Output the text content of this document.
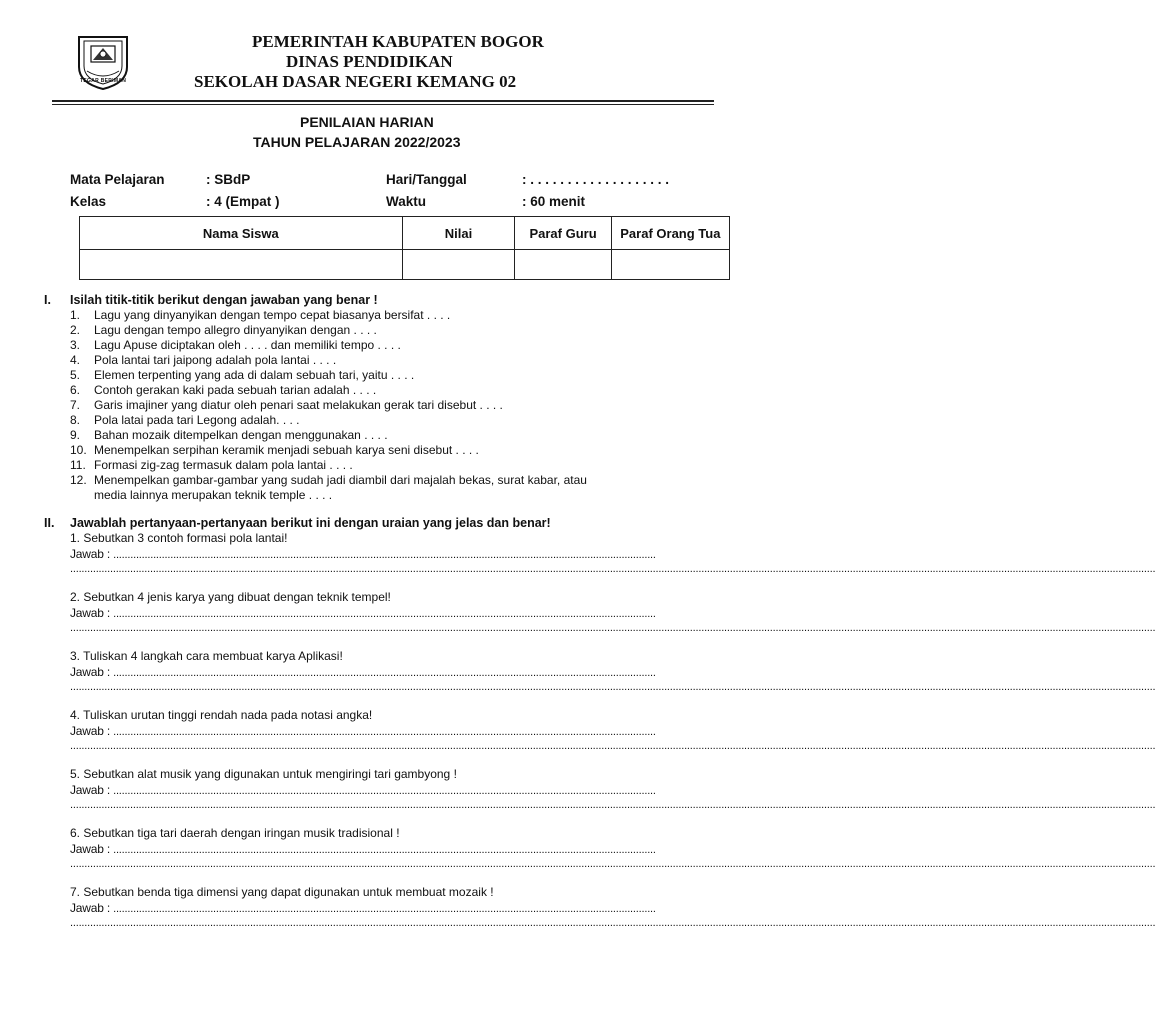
TEGAR BERIMAN
PEMERINTAH KABUPATEN BOGOR
DINAS PENDIDIKAN
SEKOLAH DASAR NEGERI KEMANG 02
PENILAIAN HARIAN
TAHUN PELAJARAN 2022/2023
Mata Pelajaran	: SBdP	Hari/Tanggal	: . . . . . . . . . . . . . . . . . . .
Kelas	: 4 (Empat )	Waktu	: 60 menit
Nama Siswa	Nilai	Paraf Guru	Paraf Orang Tua

I. Isilah titik-titik berikut dengan jawaban yang benar !
1.	Lagu yang dinyanyikan dengan tempo cepat biasanya bersifat . . . .
2.	Lagu dengan tempo allegro dinyanyikan dengan . . . .
3.	Lagu Apuse diciptakan oleh . . . . dan memiliki tempo . . . .
4.	Pola lantai tari jaipong adalah pola lantai . . . .
5.	Elemen terpenting yang ada di dalam sebuah tari, yaitu . . . .
6.	Contoh gerakan kaki pada sebuah tarian adalah . . . .
7.	Garis imajiner yang diatur oleh penari saat melakukan gerak tari disebut . . . .
8.	Pola latai pada tari Legong adalah. . . .
9.	Bahan mozaik ditempelkan dengan menggunakan . . . .
10. Menempelkan serpihan keramik menjadi sebuah karya seni disebut . . . .
11. Formasi zig-zag termasuk dalam pola lantai . . . .
12. Menempelkan gambar-gambar yang sudah jadi diambil dari majalah bekas, surat kabar, atau
media lainnya merupakan teknik temple . . . .
II. Jawablah pertanyaan-pertanyaan berikut ini dengan uraian yang jelas dan benar!
1. Sebutkan 3 contoh formasi pola lantai!
Jawab : ..............................................................................................................................................................................................
............................................................................................................................................................................................................................................................................................................................................................................................
2. Sebutkan 4 jenis karya yang dibuat dengan teknik tempel!
Jawab : ..............................................................................................................................................................................................
............................................................................................................................................................................................................................................................................................................................................................................................
3. Tuliskan 4 langkah cara membuat karya Aplikasi!
Jawab : ..............................................................................................................................................................................................
............................................................................................................................................................................................................................................................................................................................................................................................
4. Tuliskan urutan tinggi rendah nada pada notasi angka!
Jawab : ..............................................................................................................................................................................................
............................................................................................................................................................................................................................................................................................................................................................................................
5. Sebutkan alat musik yang digunakan untuk mengiringi tari gambyong !
Jawab : ..............................................................................................................................................................................................
............................................................................................................................................................................................................................................................................................................................................................................................
6. Sebutkan tiga tari daerah dengan iringan musik tradisional !
Jawab : ..............................................................................................................................................................................................
............................................................................................................................................................................................................................................................................................................................................................................................
7. Sebutkan benda tiga dimensi yang dapat digunakan untuk membuat mozaik !
Jawab : ..............................................................................................................................................................................................
............................................................................................................................................................................................................................................................................................................................................................................................
